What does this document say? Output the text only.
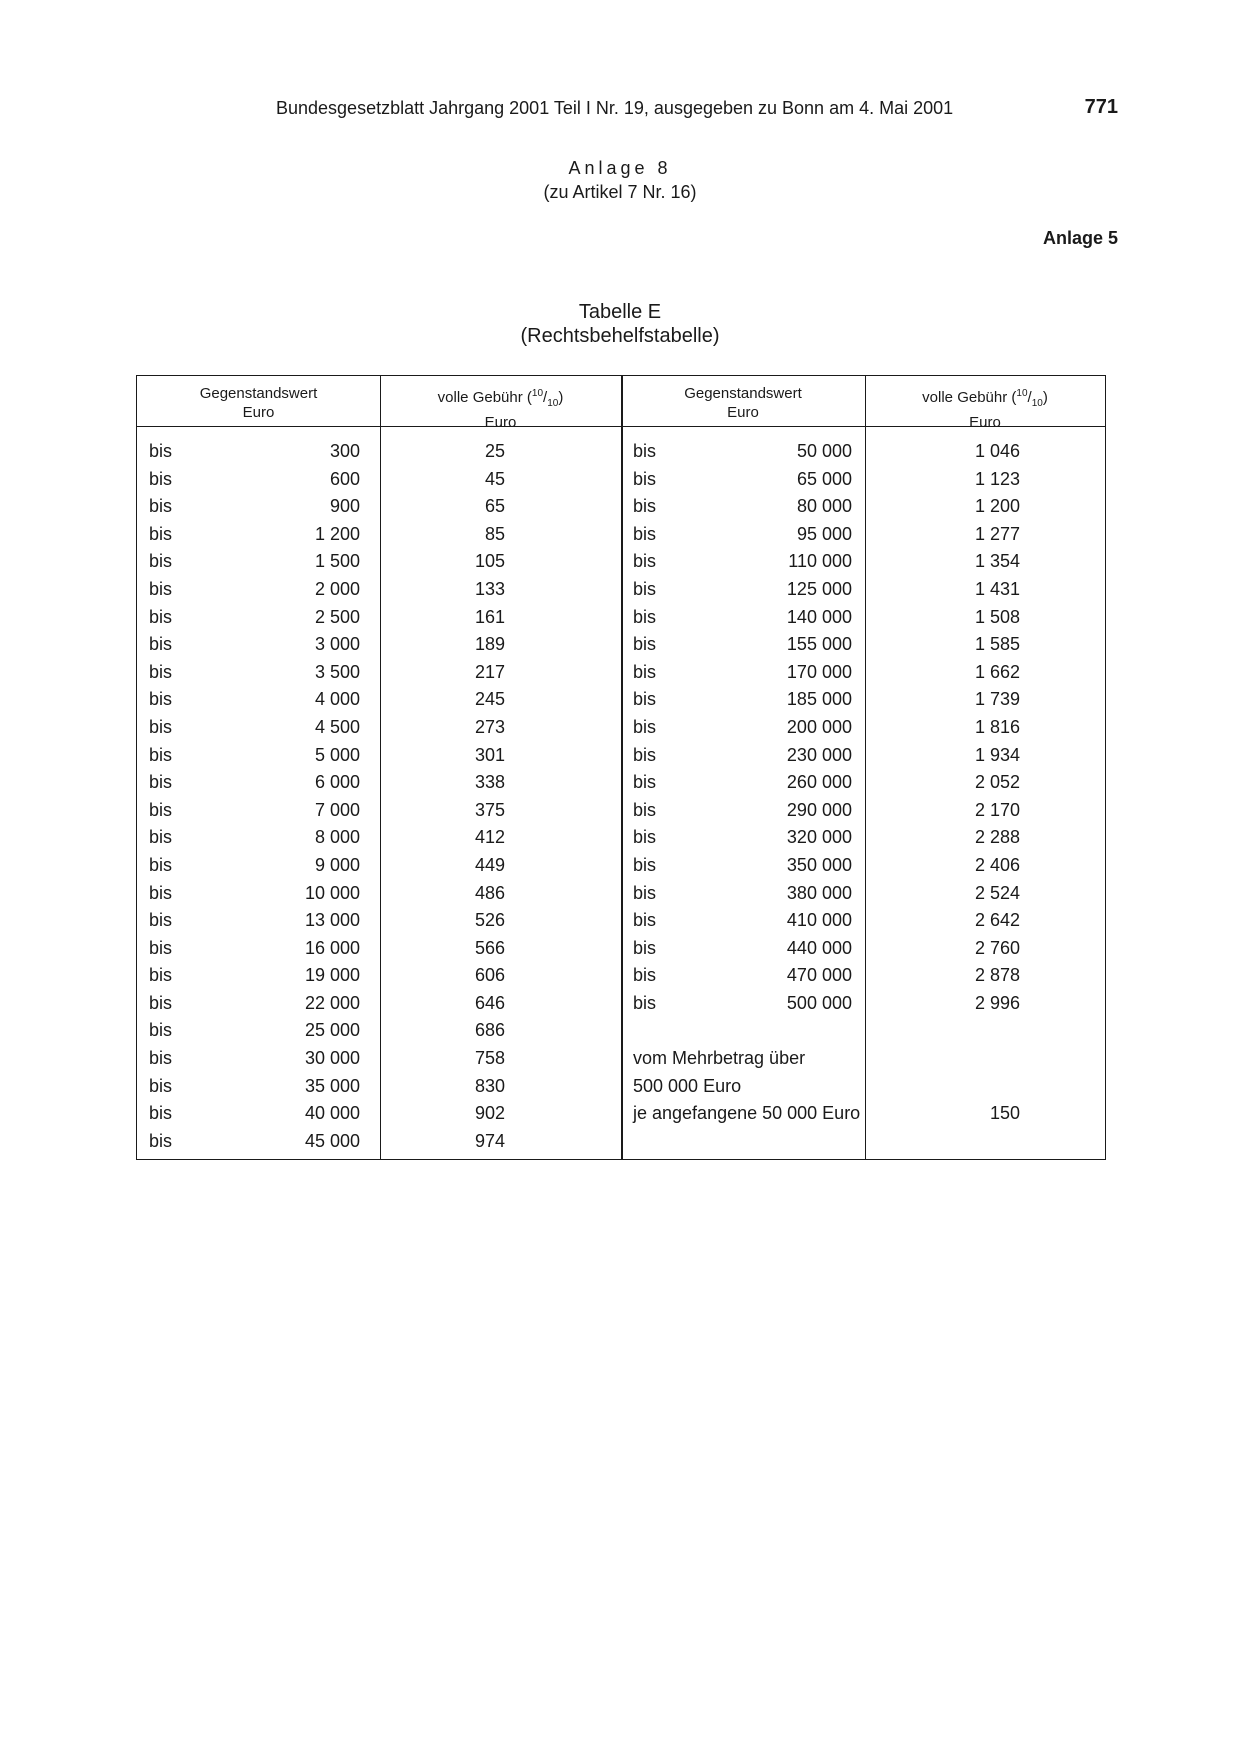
Bundesgesetzblatt Jahrgang 2001 Teil I Nr. 19, ausgegeben zu Bonn am 4. Mai 2001	771
Anlage 8
(zu Artikel 7 Nr. 16)
Anlage 5
Tabelle E
(Rechtsbehelfstabelle)
Gegenstandswert
Euro
volle Gebühr $(^{10}/_{10})$
Euro
Gegenstandswert
Euro
volle Gebühr $(^{10}/_{10})$
Euro
bis	300	25	bis	50 000	1 046
bis	600	45	bis	65 000	1 123
bis	900	65	bis	80 000	1 200
bis	1 200	85	bis	95 000	1 277
bis	1 500	105	bis	110 000	1 354
bis	2 000	133	bis	125 000	1 431
bis	2 500	161	bis	140 000	1 508
bis	3 000	189	bis	155 000	1 585
bis	3 500	217	bis	170 000	1 662
bis	4 000	245	bis	185 000	1 739
bis	4 500	273	bis	200 000	1 816
bis	5 000	301	bis	230 000	1 934
bis	6 000	338	bis	260 000	2 052
bis	7 000	375	bis	290 000	2 170
bis	8 000	412	bis	320 000	2 288
bis	9 000	449	bis	350 000	2 406
bis	10 000	486	bis	380 000	2 524
bis	13 000	526	bis	410 000	2 642
bis	16 000	566	bis	440 000	2 760
bis	19 000	606	bis	470 000	2 878
bis	22 000	646	bis	500 000	2 996
bis	25 000	686
bis	30 000	758	vom Mehrbetrag über
bis	35 000	830	500 000 Euro
bis	40 000	902	je angefangene 50 000 Euro	150
bis	45 000	974
